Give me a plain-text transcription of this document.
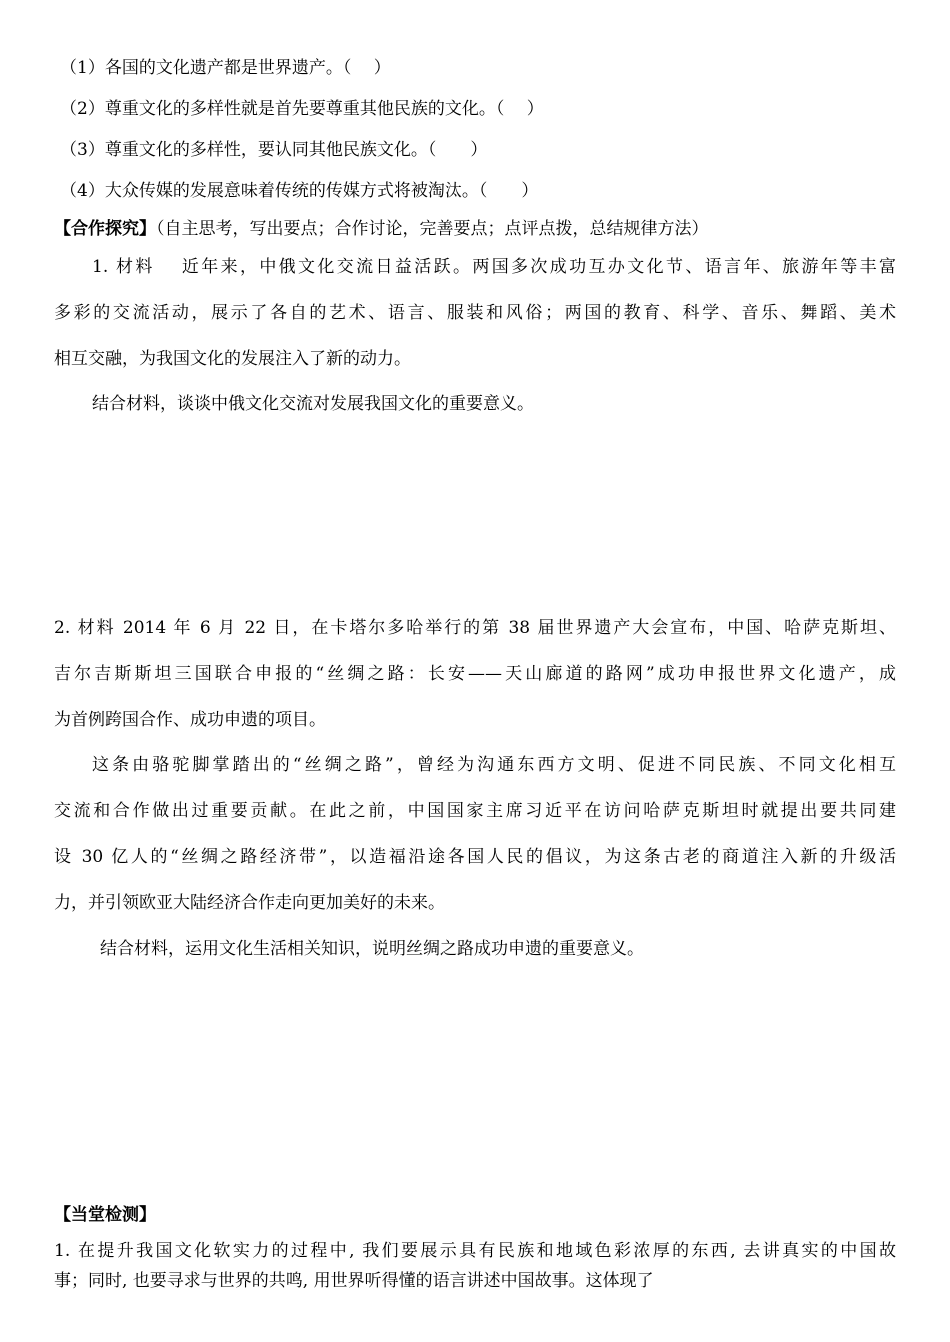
（1）各国的文化遗产都是世界遗产。（　 ）
（2）尊重文化的多样性就是首先要尊重其他民族的文化。（　 ）
（3）尊重文化的多样性，要认同其他民族文化。（　　）
（4）大众传媒的发展意味着传统的传媒方式将被淘汰。（　　）
【合作探究】（自主思考，写出要点；合作讨论，完善要点；点评点拨，总结规律方法）
1. 材料　 近年来，中俄文化交流日益活跃。两国多次成功互办文化节、语言年、旅游年等丰富
多彩的交流活动，展示了各自的艺术、语言、服装和风俗；两国的教育、科学、音乐、舞蹈、美术
相互交融，为我国文化的发展注入了新的动力。
结合材料，谈谈中俄文化交流对发展我国文化的重要意义。
2. 材料 2014 年 6 月 22 日，在卡塔尔多哈举行的第 38 届世界遗产大会宣布，中国、哈萨克斯坦、
吉尔吉斯斯坦三国联合申报的“丝绸之路：长安——天山廊道的路网”成功申报世界文化遗产，成
为首例跨国合作、成功申遗的项目。
这条由骆驼脚掌踏出的“丝绸之路”，曾经为沟通东西方文明、促进不同民族、不同文化相互
交流和合作做出过重要贡献。在此之前，中国国家主席习近平在访问哈萨克斯坦时就提出要共同建
设 30 亿人的“丝绸之路经济带”，以造福沿途各国人民的倡议，为这条古老的商道注入新的升级活
力，并引领欧亚大陆经济合作走向更加美好的未来。
结合材料，运用文化生活相关知识，说明丝绸之路成功申遗的重要意义。
【当堂检测】
1. 在提升我国文化软实力的过程中, 我们要展示具有民族和地域色彩浓厚的东西, 去讲真实的中国故
事；同时, 也要寻求与世界的共鸣, 用世界听得懂的语言讲述中国故事。这体现了
